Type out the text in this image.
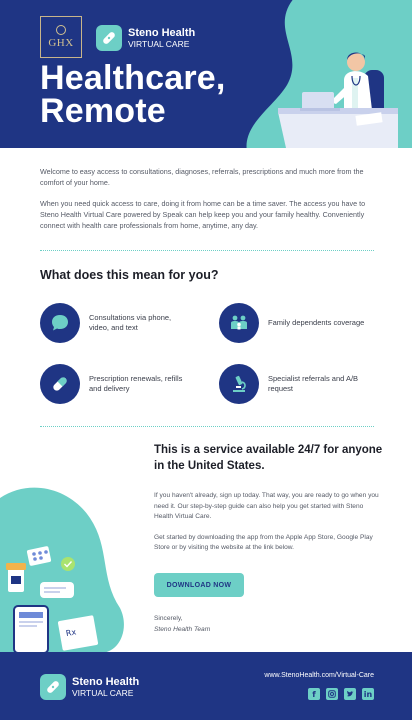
GHX
Steno Health
VIRTUAL CARE
Healthcare,
Remote

Welcome to easy access to consultations, diagnoses, referrals, prescriptions and much more from the comfort of your home.

When you need quick access to care, doing it from home can be a time saver. The access you have to Steno Health Virtual Care powered by Speak can help keep you and your family healthy. Conveniently connect with health care professionals from home, anytime, any day.

What does this mean for you?
Consultations via phone, video, and text
Family dependents coverage
Prescription renewals, refills and delivery
Specialist referrals and A/B request
Rx
This is a service available 24/7 for anyone in the United States.

If you haven't already, sign up today. That way, you are ready to go when you need it. Our step-by-step guide can also help you get started with Steno Health Virtual Care.

Get started by downloading the app from the Apple App Store, Google Play Store or by visiting the website at the link below.

DOWNLOAD NOW
Sincerely,
Steno Health Team
Steno Health
VIRTUAL CARE
www.StenoHealth.com/Virtual-Care
f	in
